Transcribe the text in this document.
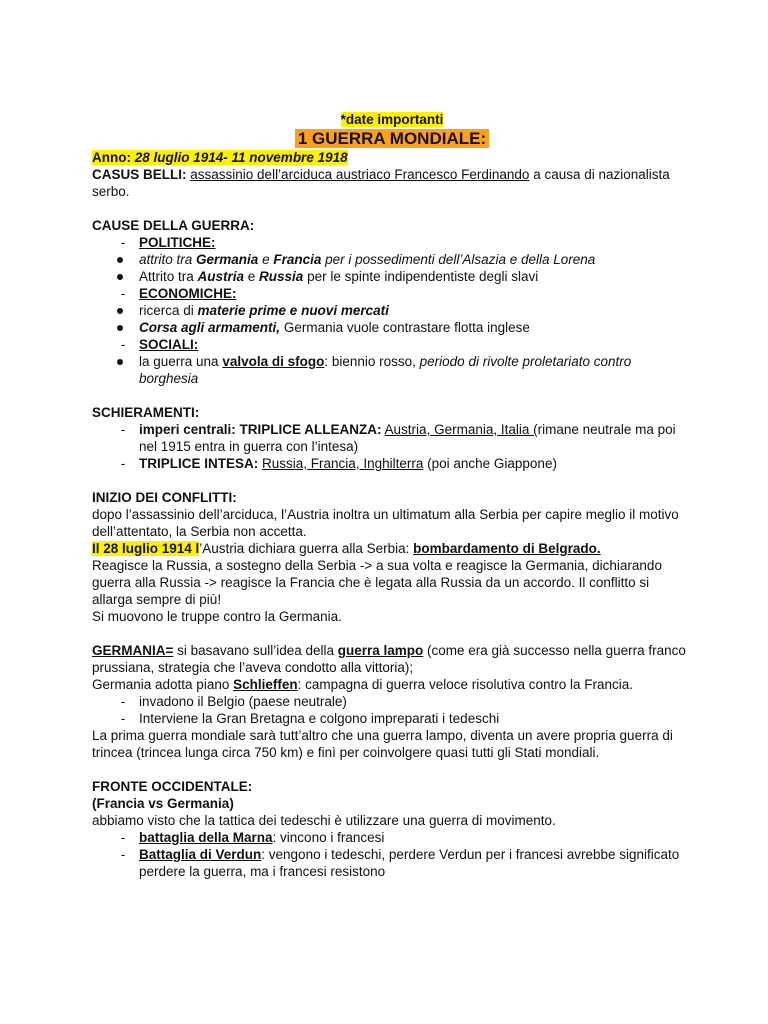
*date importanti
1 GUERRA MONDIALE:

Anno: 28 luglio 1914- 11 novembre 1918

CASUS BELLI: assassinio dell’arciduca austriaco Francesco Ferdinando a causa di nazionalista serbo.

CAUSE DELLA GUERRA:

-	POLITICHE:
attrito tra Germania e Francia per i possedimenti dell’Alsazia e della Lorena
Attrito tra Austria e Russia per le spinte indipendentiste degli slavi
-	ECONOMICHE:
ricerca di materie prime e nuovi mercati
Corsa agli armamenti, Germania vuole contrastare flotta inglese
-	SOCIALI:
la guerra una valvola di sfogo: biennio rosso, periodo di rivolte proletariato contro borghesia

SCHIERAMENTI:

-	imperi centrali: TRIPLICE ALLEANZA: Austria, Germania, Italia (rimane neutrale ma poi nel 1915 entra in guerra con l’intesa)
-	TRIPLICE INTESA: Russia, Francia, Inghilterra (poi anche Giappone)

INIZIO DEI CONFLITTI:

dopo l’assassinio dell’arciduca, l’Austria inoltra un ultimatum alla Serbia per capire meglio il motivo dell’attentato, la Serbia non accetta.

Il 28 luglio 1914 l’Austria dichiara guerra alla Serbia: bombardamento di Belgrado.

Reagisce la Russia, a sostegno della Serbia -> a sua volta e reagisce la Germania, dichiarando guerra alla Russia -> reagisce la Francia che è legata alla Russia da un accordo. Il conflitto si allarga sempre di più!

Si muovono le truppe contro la Germania.

GERMANIA= si basavano sull’idea della guerra lampo (come era già successo nella guerra franco prussiana, strategia che l’aveva condotto alla vittoria);

Germania adotta piano Schlieffen: campagna di guerra veloce risolutiva contro la Francia.

-	invadono il Belgio (paese neutrale)
-	Interviene la Gran Bretagna e colgono impreparati i tedeschi

La prima guerra mondiale sarà tutt’altro che una guerra lampo, diventa un avere propria guerra di trincea (trincea lunga circa 750 km) e finì per coinvolgere quasi tutti gli Stati mondiali.

FRONTE OCCIDENTALE:

(Francia vs Germania)

abbiamo visto che la tattica dei tedeschi è utilizzare una guerra di movimento.

-	battaglia della Marna: vincono i francesi
-	Battaglia di Verdun: vengono i tedeschi, perdere Verdun per i francesi avrebbe significato perdere la guerra, ma i francesi resistono
